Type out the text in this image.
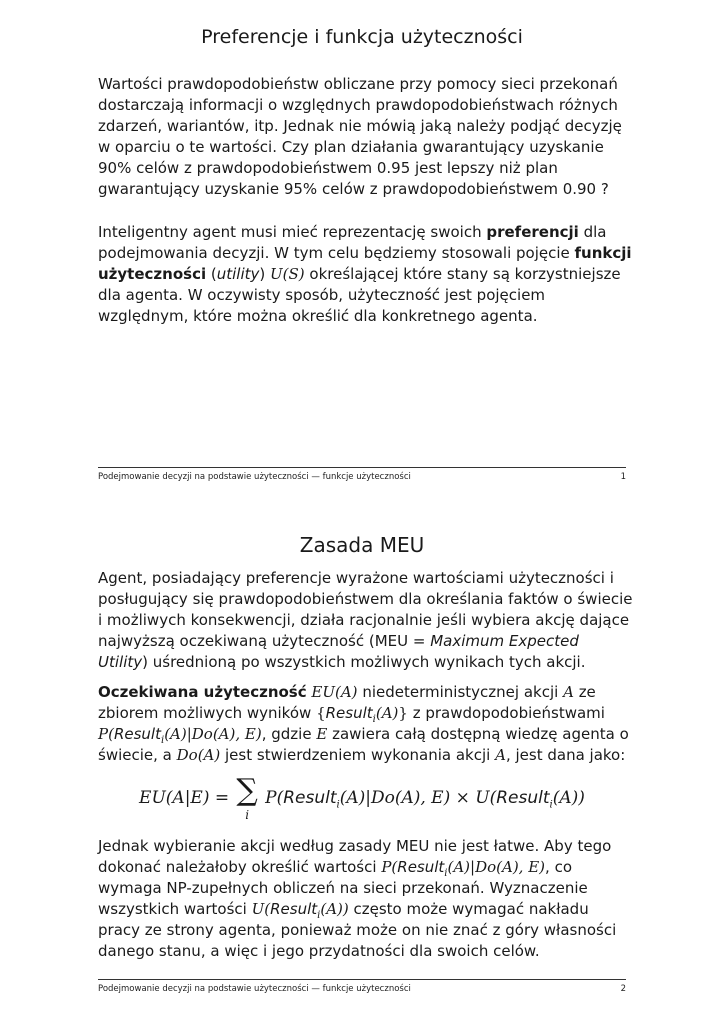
Preferencje i funkcja użyteczności

Wartości prawdopodobieństw obliczane przy pomocy sieci przekonań dostarczają informacji o względnych prawdopodobieństwach różnych zdarzeń, wariantów, itp. Jednak nie mówią jaką należy podjąć decyzję w oparciu o te wartości. Czy plan działania gwarantujący uzyskanie 90% celów z prawdopodobieństwem 0.95 jest lepszy niż plan gwarantujący uzyskanie 95% celów z prawdopodobieństwem 0.90 ?

Inteligentny agent musi mieć reprezentację swoich preferencji dla podejmowania decyzji. W tym celu będziemy stosowali pojęcie funkcji użyteczności (utility) U(S) określającej które stany są korzystniejsze dla agenta. W oczywisty sposób, użyteczność jest pojęciem względnym, które można określić dla konkretnego agenta.

Podejmowanie decyzji na podstawie użyteczności — funkcje użyteczności	1
Zasada MEU

Agent, posiadający preferencje wyrażone wartościami użyteczności i posługujący się prawdopodobieństwem dla określania faktów o świecie i możliwych konsekwencji, działa racjonalnie jeśli wybiera akcję dające najwyższą oczekiwaną użyteczność (MEU = Maximum Expected Utility) uśrednioną po wszystkich możliwych wynikach tych akcji.

Oczekiwana użyteczność EU(A) niedeterministycznej akcji A ze zbiorem możliwych wyników {Result$_i$(A)} z prawdopodobieństwami P(Result$_i$(A)|Do(A), E), gdzie E zawiera całą dostępną wiedzę agenta o świecie, a Do(A) jest stwierdzeniem wykonania akcji A, jest dana jako:

EU(A|E) = ∑
i
P(Result$_i$(A)|Do(A), E) × U(Result$_i$(A))

Jednak wybieranie akcji według zasady MEU nie jest łatwe. Aby tego dokonać należałoby określić wartości P(Result$_i$(A)|Do(A), E), co wymaga NP-zupełnych obliczeń na sieci przekonań. Wyznaczenie wszystkich wartości U(Result$_i$(A)) często może wymagać nakładu pracy ze strony agenta, ponieważ może on nie znać z góry własności danego stanu, a więc i jego przydatności dla swoich celów.

Podejmowanie decyzji na podstawie użyteczności — funkcje użyteczności	2
